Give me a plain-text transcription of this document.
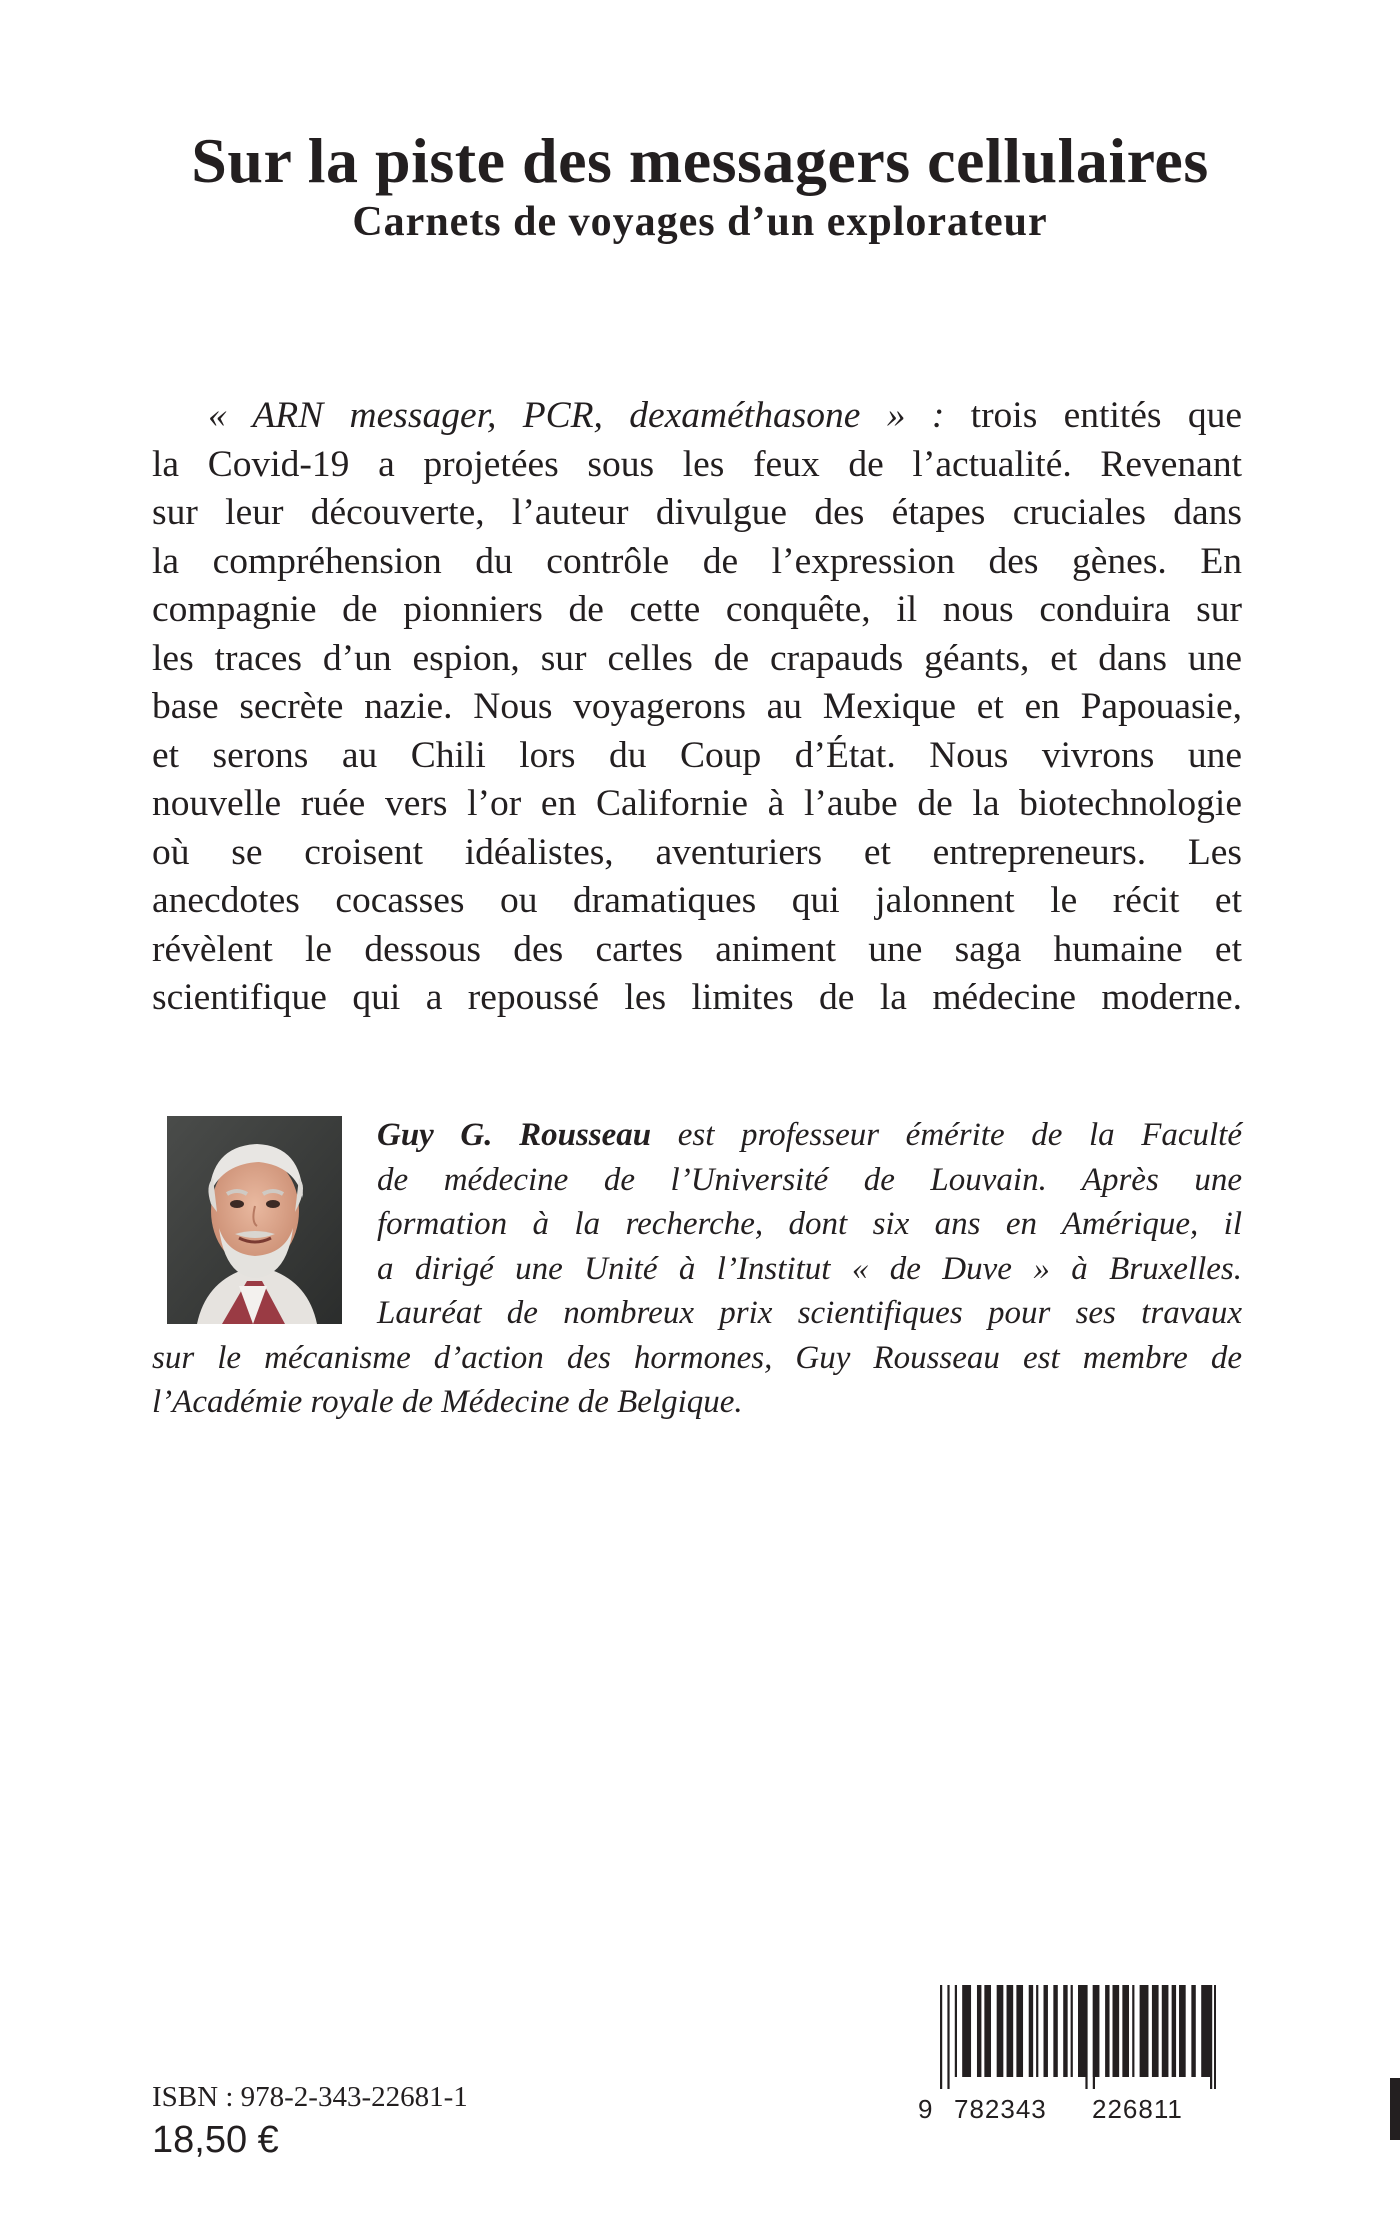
Sur la piste des messagers cellulaires
Carnets de voyages d’un explorateur
« ARN messager, PCR, dexaméthasone » : trois entités que
la Covid-19 a projetées sous les feux de l’actualité. Revenant
sur leur découverte, l’auteur divulgue des étapes cruciales dans
la compréhension du contrôle de l’expression des gènes. En
compagnie de pionniers de cette conquête, il nous conduira sur
les traces d’un espion, sur celles de crapauds géants, et dans une
base secrète nazie. Nous voyagerons au Mexique et en Papouasie,
et serons au Chili lors du Coup d’État. Nous vivrons une
nouvelle ruée vers l’or en Californie à l’aube de la biotechnologie
où se croisent idéalistes, aventuriers et entrepreneurs. Les
anecdotes cocasses ou dramatiques qui jalonnent le récit et
révèlent le dessous des cartes animent une saga humaine et
scientifique qui a repoussé les limites de la médecine moderne.
Guy G. Rousseau est professeur émérite de la Faculté
de médecine de l’Université de Louvain. Après une
formation à la recherche, dont six ans en Amérique, il
a dirigé une Unité à l’Institut « de Duve » à Bruxelles.
Lauréat de nombreux prix scientifiques pour ses travaux
sur le mécanisme d’action des hormones, Guy Rousseau est membre de
l’Académie royale de Médecine de Belgique.
9 782343 226811

ISBN : 978-2-343-22681-1

18,50 €
